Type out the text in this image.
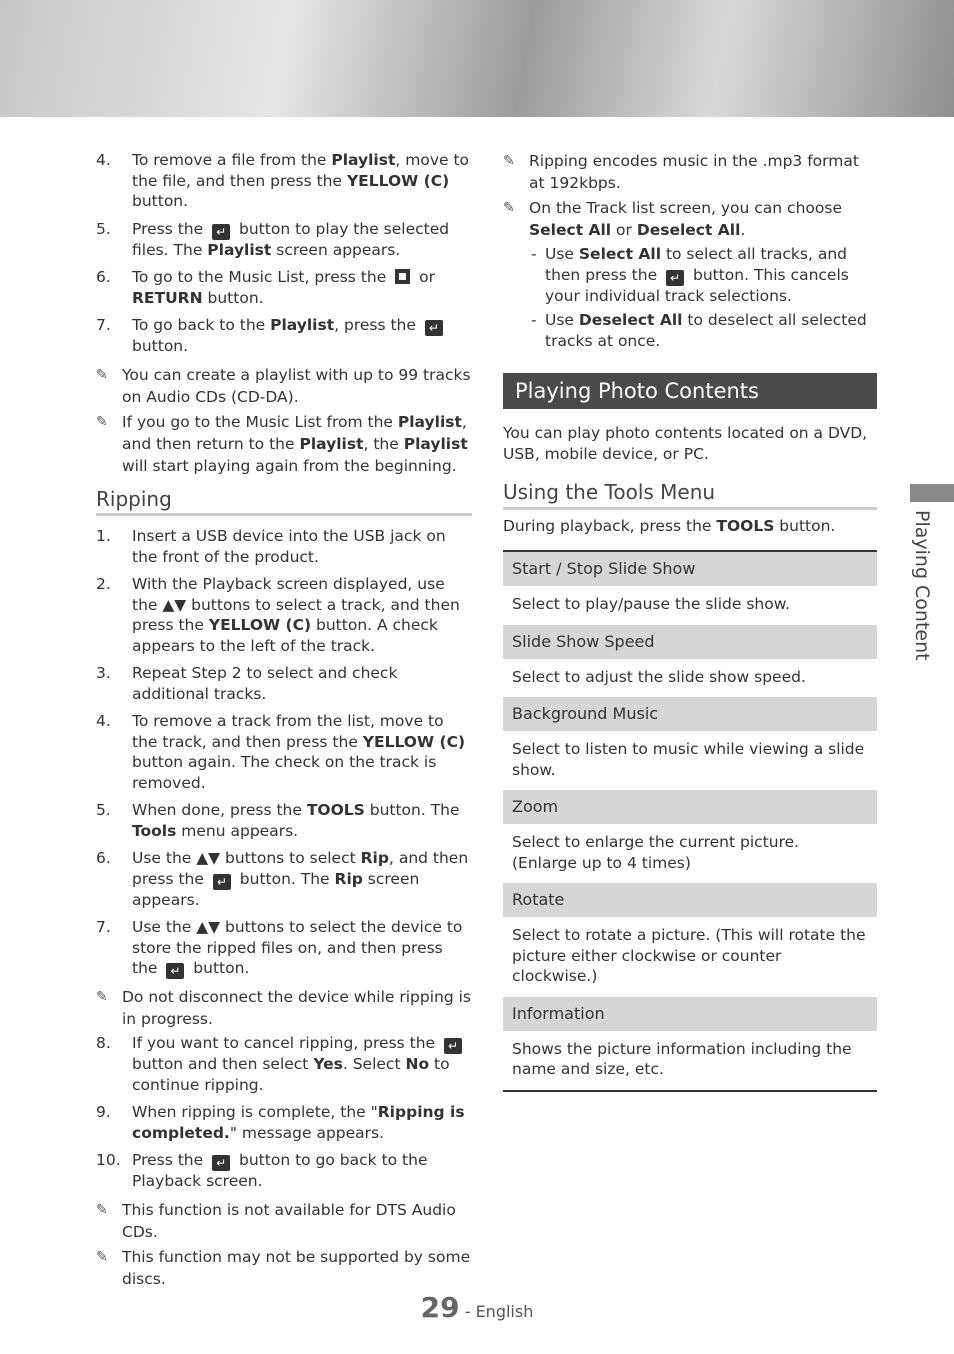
4.	To remove a file from the Playlist, move to the file, and then press the YELLOW (C) button.
5.	Press the ↵ button to play the selected files. The Playlist screen appears.
6.	To go to the Music List, press the  or RETURN button.
7.	To go back to the Playlist, press the ↵ button.
✎ You can create a playlist with up to 99 tracks on Audio CDs (CD-DA).
✎ If you go to the Music List from the Playlist, and then return to the Playlist, the Playlist will start playing again from the beginning.
Ripping
1.	Insert a USB device into the USB jack on the front of the product.
2.	With the Playback screen displayed, use the ▲▼ buttons to select a track, and then press the YELLOW (C) button. A check appears to the left of the track.
3.	Repeat Step 2 to select and check additional tracks.
4.	To remove a track from the list, move to the track, and then press the YELLOW (C) button again. The check on the track is removed.
5.	When done, press the TOOLS button. The Tools menu appears.
6.	Use the ▲▼ buttons to select Rip, and then press the ↵ button. The Rip screen appears.
7.	Use the ▲▼ buttons to select the device to store the ripped files on, and then press the ↵ button.
✎ Do not disconnect the device while ripping is in progress.
8.	If you want to cancel ripping, press the ↵ button and then select Yes. Select No to continue ripping.
9.	When ripping is complete, the "Ripping is completed." message appears.
10. Press the ↵ button to go back to the Playback screen.
✎ This function is not available for DTS Audio CDs.
✎ This function may not be supported by some discs.
✎ Ripping encodes music in the .mp3 format at 192kbps.
✎ On the Track list screen, you can choose Select All or Deselect All.
- Use Select All to select all tracks, and then press the ↵ button. This cancels your individual track selections.
- Use Deselect All to deselect all selected tracks at once.
Playing Photo Contents
You can play photo contents located on a DVD, USB, mobile device, or PC.
Using the Tools Menu
During playback, press the TOOLS button.
Start / Stop Slide Show
Select to play/pause the slide show.
Slide Show Speed
Select to adjust the slide show speed.
Background Music
Select to listen to music while viewing a slide show.
Zoom
Select to enlarge the current picture.
(Enlarge up to 4 times)
Rotate
Select to rotate a picture. (This will rotate the picture either clockwise or counter clockwise.)
Information
Shows the picture information including the name and size, etc.
Playing Content
29 - English
